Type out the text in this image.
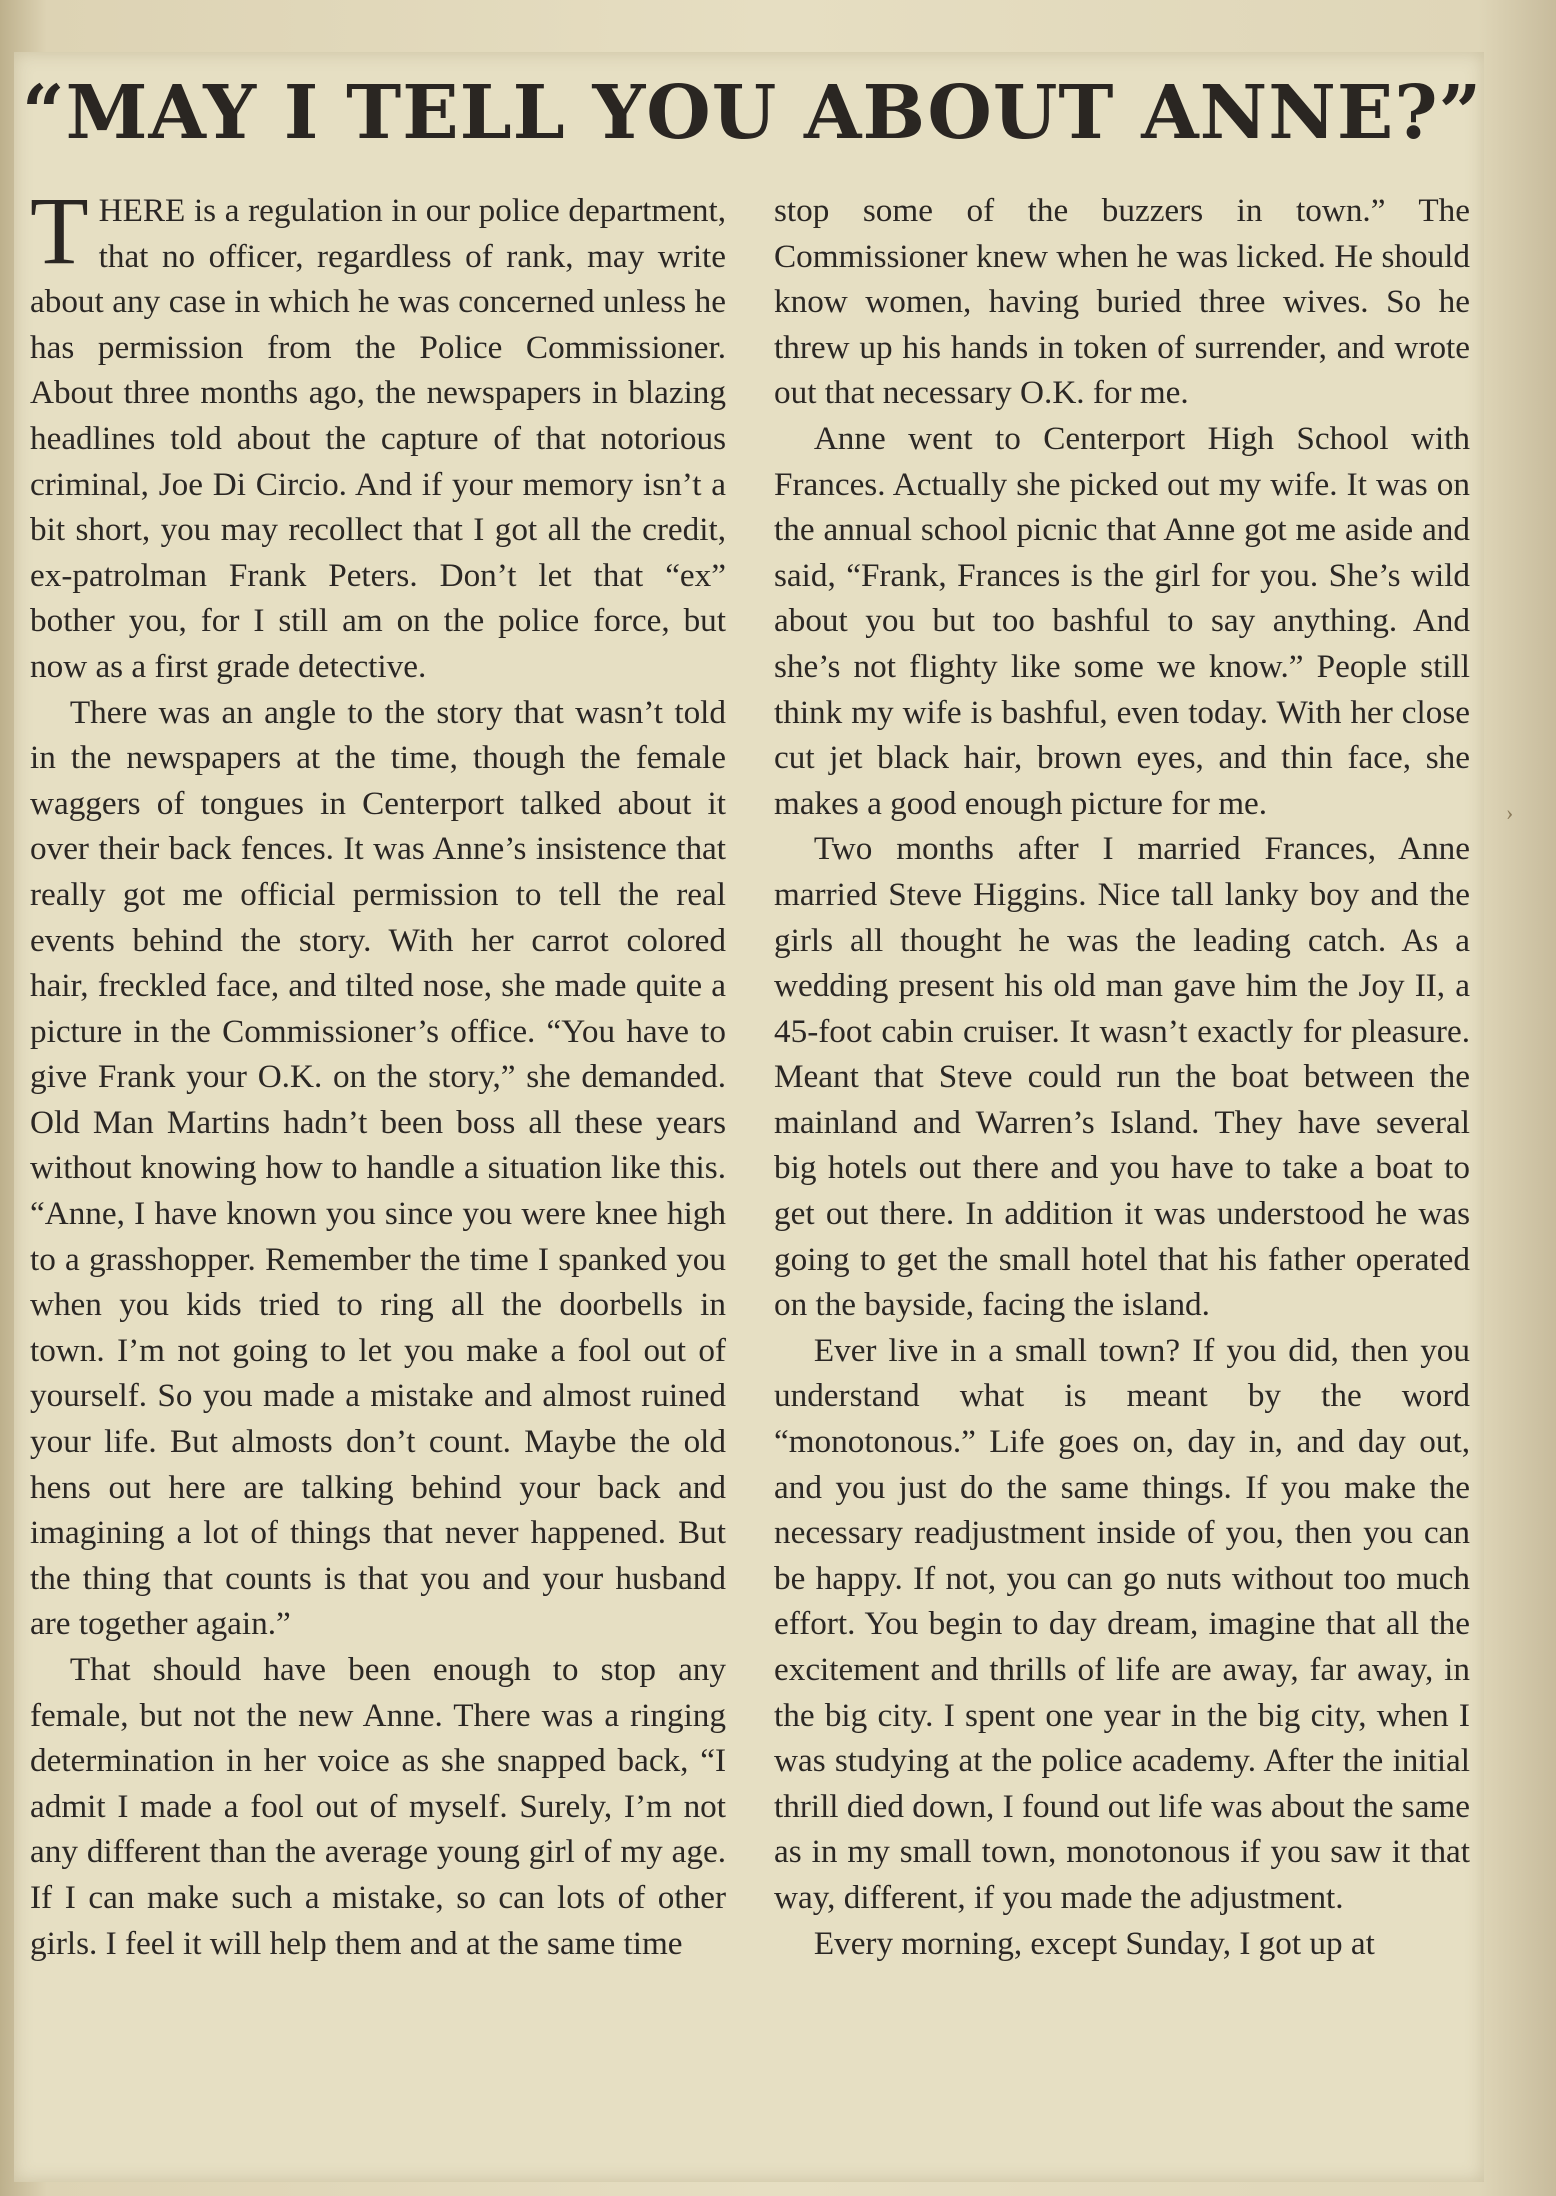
“MAY I TELL YOU ABOUT ANNE?”

THERE is a regulation in our police department, that no officer, regardless of rank, may write about any case in which he was concerned unless he has permission from the Police Commissioner. About three months ago, the newspapers in blazing headlines told about the capture of that notorious criminal, Joe Di Circio. And if your memory isn’t a bit short, you may recollect that I got all the credit, ex-patrolman Frank Peters. Don’t let that “ex” bother you, for I still am on the police force, but now as a first grade detective.

There was an angle to the story that wasn’t told in the newspapers at the time, though the female waggers of tongues in Centerport talked about it over their back fences. It was Anne’s insistence that really got me official permission to tell the real events behind the story. With her carrot colored hair, freckled face, and tilted nose, she made quite a picture in the Commissioner’s office. “You have to give Frank your O.K. on the story,” she demanded. Old Man Martins hadn’t been boss all these years without knowing how to handle a situation like this. “Anne, I have known you since you were knee high to a grasshopper. Remember the time I spanked you when you kids tried to ring all the doorbells in town. I’m not going to let you make a fool out of yourself. So you made a mistake and almost ruined your life. But almosts don’t count. Maybe the old hens out here are talking behind your back and imagining a lot of things that never happened. But the thing that counts is that you and your husband are together again.”

That should have been enough to stop any female, but not the new Anne. There was a ringing determination in her voice as she snapped back, “I admit I made a fool out of myself. Surely, I’m not any different than the average young girl of my age. If I can make such a mistake, so can lots of other girls. I feel it will help them and at the same time

stop some of the buzzers in town.” The Commissioner knew when he was licked. He should know women, having buried three wives. So he threw up his hands in token of surrender, and wrote out that necessary O.K. for me.

Anne went to Centerport High School with Frances. Actually she picked out my wife. It was on the annual school picnic that Anne got me aside and said, “Frank, Frances is the girl for you. She’s wild about you but too bashful to say anything. And she’s not flighty like some we know.” People still think my wife is bashful, even today. With her close cut jet black hair, brown eyes, and thin face, she makes a good enough picture for me.

Two months after I married Frances, Anne married Steve Higgins. Nice tall lanky boy and the girls all thought he was the leading catch. As a wedding present his old man gave him the Joy II, a 45-foot cabin cruiser. It wasn’t exactly for pleasure. Meant that Steve could run the boat between the mainland and Warren’s Island. They have several big hotels out there and you have to take a boat to get out there. In addition it was understood he was going to get the small hotel that his father operated on the bayside, facing the island.

Ever live in a small town? If you did, then you understand what is meant by the word “monotonous.” Life goes on, day in, and day out, and you just do the same things. If you make the necessary readjustment inside of you, then you can be happy. If not, you can go nuts without too much effort. You begin to day dream, imagine that all the excitement and thrills of life are away, far away, in the big city. I spent one year in the big city, when I was studying at the police academy. After the initial thrill died down, I found out life was about the same as in my small town, monotonous if you saw it that way, different, if you made the adjustment.

Every morning, except Sunday, I got up at

›
